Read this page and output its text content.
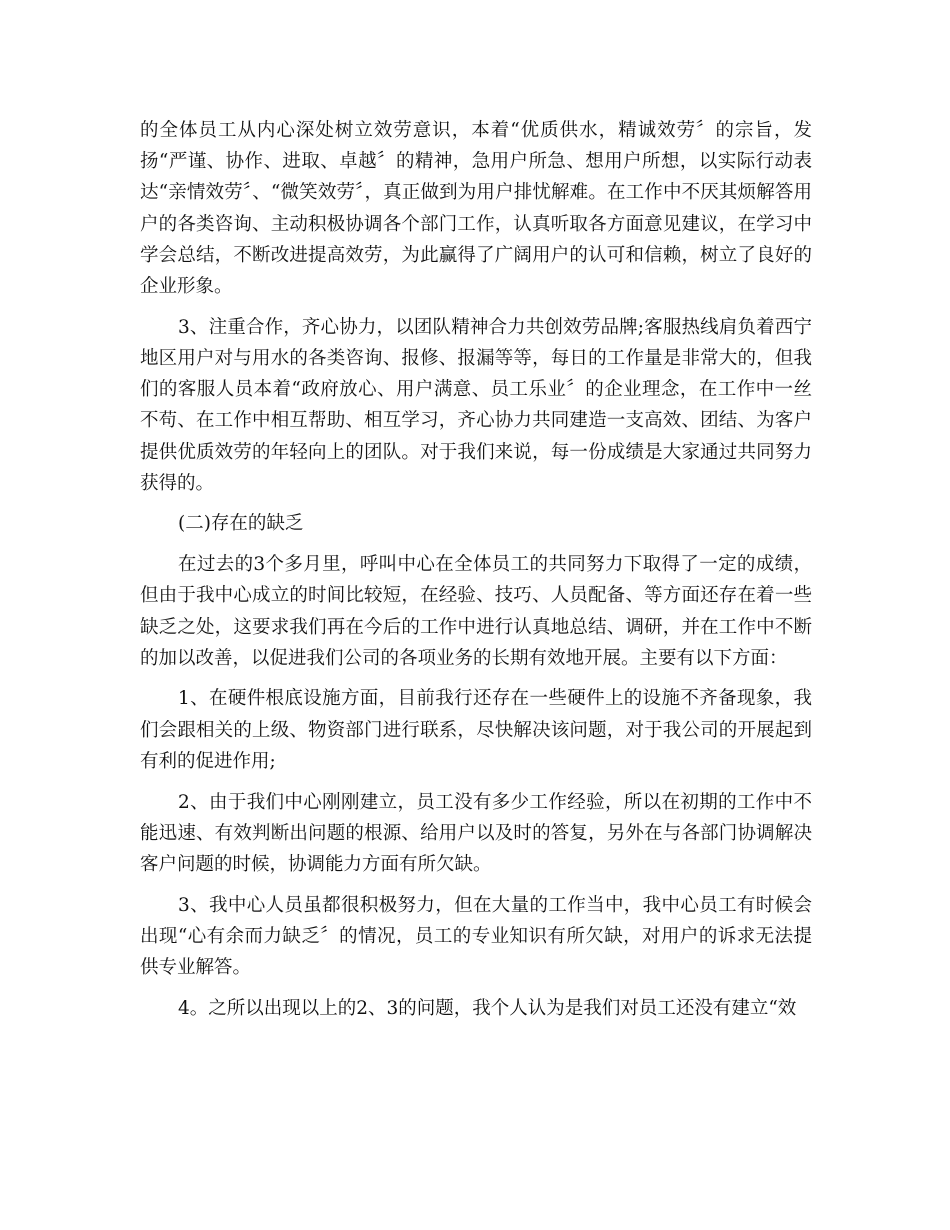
的全体员工从内心深处树立效劳意识，本着“优质供水，精诚效劳〞的宗旨，发扬“严谨、协作、进取、卓越〞的精神，急用户所急、想用户所想，以实际行动表达“亲情效劳〞、“微笑效劳〞，真正做到为用户排忧解难。在工作中不厌其烦解答用户的各类咨询、主动积极协调各个部门工作，认真听取各方面意见建议，在学习中学会总结，不断改进提高效劳，为此赢得了广阔用户的认可和信赖，树立了良好的企业形象。

3、注重合作，齐心协力，以团队精神合力共创效劳品牌;客服热线肩负着西宁地区用户对与用水的各类咨询、报修、报漏等等，每日的工作量是非常大的，但我们的客服人员本着“政府放心、用户满意、员工乐业〞的企业理念，在工作中一丝不苟、在工作中相互帮助、相互学习，齐心协力共同建造一支高效、团结、为客户提供优质效劳的年轻向上的团队。对于我们来说，每一份成绩是大家通过共同努力获得的。

(二)存在的缺乏

在过去的3个多月里，呼叫中心在全体员工的共同努力下取得了一定的成绩，但由于我中心成立的时间比较短，在经验、技巧、人员配备、等方面还存在着一些缺乏之处，这要求我们再在今后的工作中进行认真地总结、调研，并在工作中不断的加以改善，以促进我们公司的各项业务的长期有效地开展。主要有以下方面：

1、在硬件根底设施方面，目前我行还存在一些硬件上的设施不齐备现象，我们会跟相关的上级、物资部门进行联系，尽快解决该问题，对于我公司的开展起到有利的促进作用;

2、由于我们中心刚刚建立，员工没有多少工作经验，所以在初期的工作中不能迅速、有效判断出问题的根源、给用户以及时的答复，另外在与各部门协调解决客户问题的时候，协调能力方面有所欠缺。

3、我中心人员虽都很积极努力，但在大量的工作当中，我中心员工有时候会出现“心有余而力缺乏〞的情况，员工的专业知识有所欠缺，对用户的诉求无法提供专业解答。

4。之所以出现以上的2、3的问题，我个人认为是我们对员工还没有建立“效
